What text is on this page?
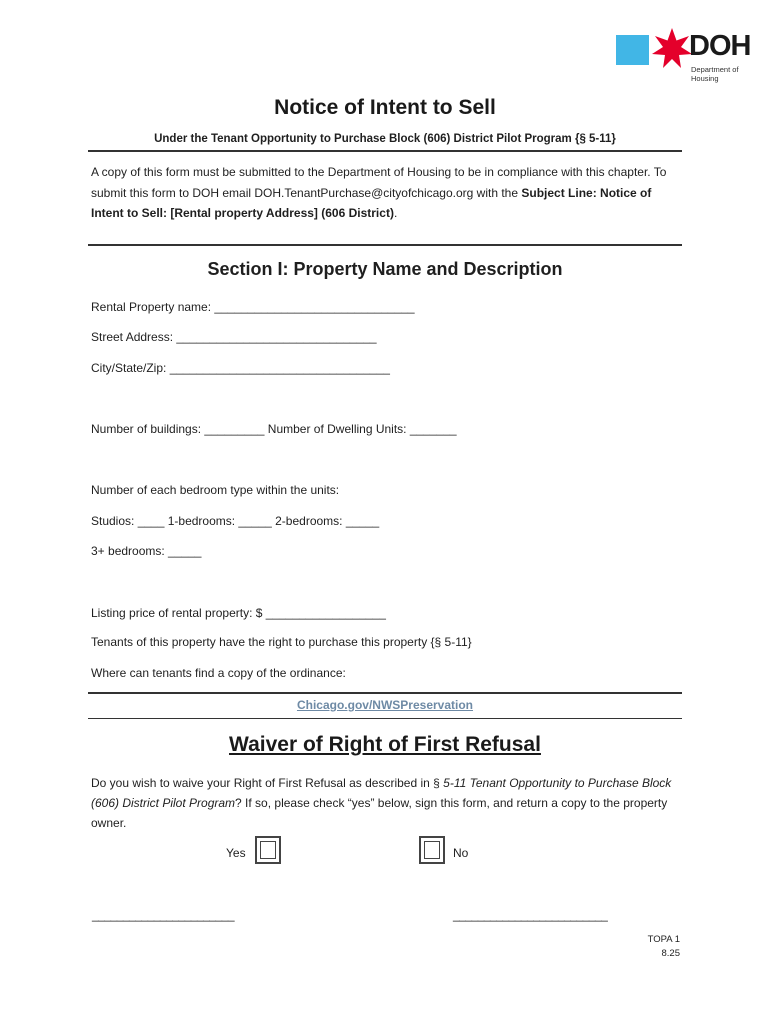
DOH
Department of
Housing
Notice of Intent to Sell
Under the Tenant Opportunity to Purchase Block (606) District Pilot Program {§ 5-11}
A copy of this form must be submitted to the Department of Housing to be in compliance with this chapter. To submit this form to DOH email DOH.TenantPurchase@cityofchicago.org with the Subject Line: Notice of Intent to Sell: [Rental property Address] (606 District).
Section I: Property Name and Description
Rental Property name: ______________________________
Street Address: ______________________________
City/State/Zip: _________________________________
Number of buildings: _________ Number of Dwelling Units: _______
Number of each bedroom type within the units:
Studios: ____ 1-bedrooms: _____ 2-bedrooms: _____
3+ bedrooms: _____
Listing price of rental property: $ __________________
Tenants of this property have the right to purchase this property {§ 5-11}
Where can tenants find a copy of the ordinance:
Chicago.gov/NWSPreservation
Waiver of Right of First Refusal
Do you wish to waive your Right of First Refusal as described in § 5-11 Tenant Opportunity to Purchase Block (606) District Pilot Program? If so, please check “yes” below, sign this form, and return a copy to the property owner.
Yes	No
_______________________	_________________________
TOPA 1
8.25
